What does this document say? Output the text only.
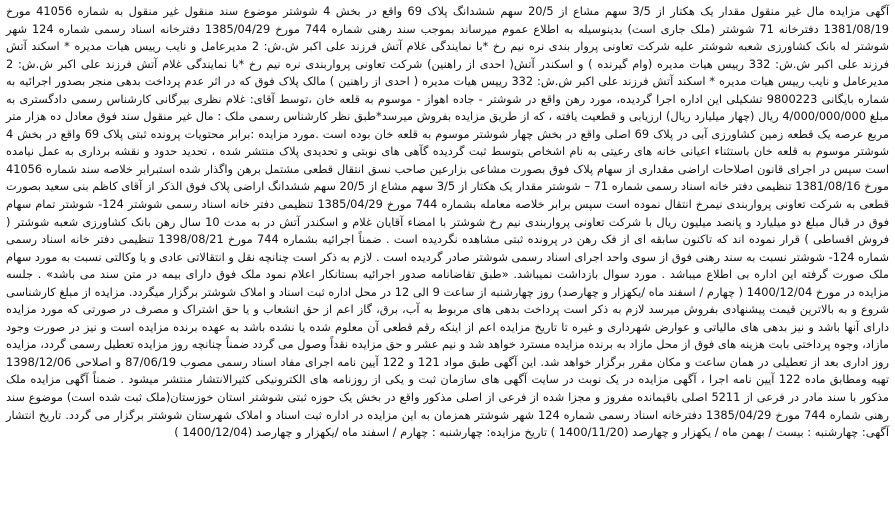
آگهی مزایده مال غیر منقول مقدار یک هکتار از 3/5 سهم مشاع از 20/5 سهم ششدانگ پلاک 69 واقع در بخش 4 شوشتر موضوع سند منقول غیر منقول به شماره 41056 مورخ 1381/08/19 دفترخانه 71 شوشتر (ملک جاری است) بدینوسیله به اطلاع عموم میرساند بموجب سند رهنی شماره 744 مورخ 1385/04/29 دفترخانه اسناد رسمی شماره 124 شهر شوشتر له بانک کشاورزی شعبه شوشتر علیه شرکت تعاونی پروار بندی نره نیم رخ *با نمایندگی غلام آتش فرزند علی اکبر ش.ش: 2 مدیرعامل و نایب رییس هیات مدیره * اسکند آتش فرزند علی اکبر ش.ش: 332 رییس هیات مدیره (وام گیرنده ) و اسکندر آتش( احدی از راهنین) شرکت تعاونی پرواربندی نره نیم رخ *با نمایندگی غلام آتش فرزند علی اکبر ش.ش: 2 مدیرعامل و نایب رییس هیات مدیره * اسکند آتش فرزند علی اکبر ش.ش: 332 رییس هیات مدیره ( احدی از راهنین ) مالک پلاک فوق که در اثر عدم پرداخت بدهی منجر بصدور اجرائیه به شماره بایگانی 9800223 تشکیلی این اداره اجرا گردیده، مورد رهن واقع در شوشتر - جاده اهواز - موسوم به قلعه خان ،توسط آقای: غلام نظری بیرگانی کارشناس رسمی دادگستری به مبلغ 4/000/000/000 ریال (چهار میلیارد ریال) ارزیابی و قطعیت یافته ، که از طریق مزایده بفروش میرسد*طبق نظر کارشناس رسمی ملک : مال غیر منقول سند فوق معادل ده هزار متر مربع عرصه یک قطعه زمین کشاورزی آبی در پلاک 69 اصلی واقع در بخش چهار شوشتر موسوم به قلعه خان بوده است .مورد مزایده :برابر محتویات پرونده ثبتی پلاک 69 واقع در بخش 4 شوشتر موسوم به قلعه خان باستثناء اعیانی خانه های رعیتی به نام اشخاص بتوسط ثبت گردیده گآهی های نوبتی و تحدیدی پلاک منتشر شده ، تحدید حدود و نقشه برداری به عمل نیامده است سپس در اجرای قانون اصلاحات اراضی مقداری از سهام پلاک فوق بصورت مشاعی بزارعین صاحب نسق انتقال قطعی مشتمل برهن واگذار شده استبرابر خلاصه سند شماره 41056 مورخ 1381/08/16 تنظیمی دفتر خانه اسناد رسمی شماره 71 – شوشتر مقدار یک هکتار از 3/5 سهم مشاع از 20/5 سهم ششدانگ اراضی پلاک فوق الذکر از آقای کاظم بنی سعید بصورت قطعی به شرکت تعاونی پرواربندی نیمرخ انتقال نموده است سپس برابر خلاصه معامله بشماره 744 مورخ 1385/04/29 تنظیمی دفتر خانه اسناد رسمی شوشتر 124- شوشتر تمام سهام فوق در قبال مبلغ دو میلیارد و پانصد میلیون ریال با شرکت تعاونی پرواربندی نیم رخ شوشتر با امضاء آقایان غلام و اسکندر آتش در به مدت 10 سال رهن بانک کشاورزی شعبه شوشتر ( فروش اقساطی ) قرار نموده اند که تاکنون سابقه ای از فک رهن در پرونده ثبتی مشاهده نگردیده است . ضمناً اجرائیه بشماره 744 مورخ 1398/08/21 تنظیمی دفتر خانه اسناد رسمی شماره 124- شوشتر نسبت به سند رهنی فوق از سوی واحد اجرای اسناد رسمی شوشتر صادر گردیده است . لازم به ذکر است چنانچه نقل و انتقالاتی عادی و یا وکالتی نسبت به مورد سهام ملک صورت گرفته این اداره بی اطلاع میباشد . مورد سوال بازداشت نمیباشد. «طبق تقاضانامه صدور اجرائیه بستانکار اعلام نمود ملک فوق دارای بیمه در متن سند می باشد» . جلسه مزایده در مورخ 1400/12/04 ( چهارم / اسفند ماه /یکهزار و چهارصد) روز چهارشنبه از ساعت 9 الی 12 در محل اداره ثبت اسناد و املاک شوشتر برگزار میگردد. مزایده از مبلغ کارشناسی شروع و به بالاترین قیمت پیشنهادی بفروش میرسد لازم به ذکر است پرداخت بدهی های مربوط به آب، برق، گاز اعم از حق انشعاب و یا حق اشتراک و مصرف در صورتی که مورد مزایده دارای آنها باشد و نیز بدهی های مالیاتی و عوارض شهرداری و غیره تا تاریخ مزایده اعم از اینکه رقم قطعی آن معلوم شده یا نشده باشد به عهده برنده مزایده است و نیز در صورت وجود مازاد، وجوه پرداختی بابت هزینه های فوق از محل مازاد به برنده مزایده مسترد خواهد شد و نیم عشر و حق مزایده نقداً وصول می گردد ضمناً چنانچه روز مزایده تعطیل رسمی گردد، مزایده روز اداری بعد از تعطیلی در همان ساعت و مکان مقرر برگزار خواهد شد. این آگهی طبق مواد 121 و 122 آیین نامه اجرای مفاد اسناد رسمی مصوب 87/06/19 و اصلاحی 1398/12/06 تهیه ومطابق ماده 122 آیین نامه اجرا ، آگهی مزایده در یک نوبت در سایت آگهی های سازمان ثبت و یکی از روزنامه های الکترونیکی کثیرالانتشار منتشر میشود . ضمناً آگهی مزایده ملک مذکور با سند مادر در فرعی از 5211 اصلی باقیمانده مفروز و مجزا شده از فرعی از اصلی مذکور واقع در بخش یک حوزه ثبتی شوشتر استان خوزستان(ملک ثبت شده است) موضوع سند رهنی شماره 744 مورخ 1385/04/29 دفترخانه اسناد رسمی شماره 124 شهر شوشتر همزمان به این مزایده در اداره ثبت اسناد و املاک شهرستان شوشتر برگزار می گردد. تاریخ انتشار آگهی: چهارشنبه : بیست / بهمن ماه / یکهزار و چهارصد (1400/11/20 ) تاریخ مزایده: چهارشنبه : چهارم / اسفند ماه /یکهزار و چهارصد (1400/12/04 )
